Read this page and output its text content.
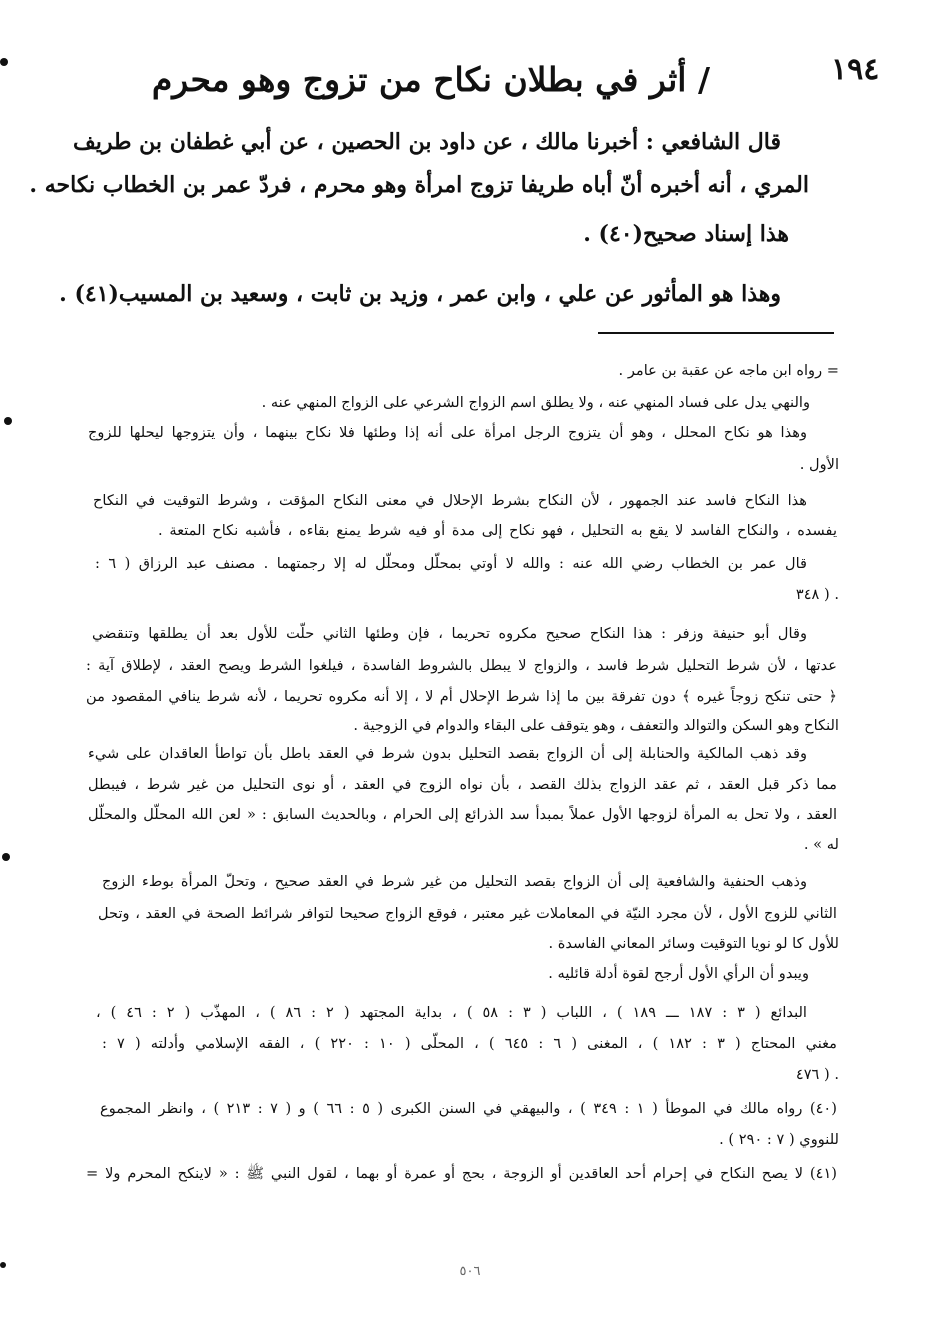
١٩٤
/ أثر في بطلان نكاح من تزوج وهو محرم
قال الشافعي : أخبرنا مالك ، عن داود بن الحصين ، عن أبي غطفان بن طريف
المري ، أنه أخبره أنّ أباه طريفا تزوج امرأة وهو محرم ، فردّ عمر بن الخطاب نكاحه .
هذا إسناد صحيح(٤٠) .
وهذا هو المأثور عن علي ، وابن عمر ، وزيد بن ثابت ، وسعيد بن المسيب(٤١) .
= رواه ابن ماجه عن عقبة بن عامر .
والنهي يدل على فساد المنهي عنه ، ولا يطلق اسم الزواج الشرعي على الزواج المنهي عنه .
وهذا هو نكاح المحلل ، وهو أن يتزوج الرجل امرأة على أنه إذا وطئها فلا نكاح بينهما ، وأن يتزوجها ليحلها للزوج
الأول .
هذا النكاح فاسد عند الجمهور ، لأن النكاح بشرط الإحلال في معنى النكاح المؤقت ، وشرط التوقيت في النكاح
يفسده ، والنكاح الفاسد لا يقع به التحليل ، فهو نكاح إلى مدة أو فيه شرط يمنع بقاءه ، فأشبه نكاح المتعة .
قال عمر بن الخطاب رضي الله عنه : والله لا أوتي بمحلّل ومحلّل له إلا رجمتهما . مصنف عبد الرزاق ( ٦ :
٣٤٨ ) .
وقال أبو حنيفة وزفر : هذا النكاح صحيح مكروه تحريما ، فإن وطئها الثاني حلّت للأول بعد أن يطلقها وتنقضي
عدتها ، لأن شرط التحليل شرط فاسد ، والزواج لا يبطل بالشروط الفاسدة ، فيلغوا الشرط ويصح العقد ، لإطلاق آية :
﴿ حتى تنكح زوجاً غيره ﴾ دون تفرقة بين ما إذا شرط الإحلال أم لا ، إلا أنه مكروه تحريما ، لأنه شرط ينافي المقصود من
النكاح وهو السكن والتوالد والتعفف ، وهو يتوقف على البقاء والدوام في الزوجية .
وقد ذهب المالكية والحنابلة إلى أن الزواج بقصد التحليل بدون شرط في العقد باطل بأن تواطأ العاقدان على شيء
مما ذكر قبل العقد ، ثم عقد الزواج بذلك القصد ، بأن نواه الزوج في العقد ، أو نوى التحليل من غير شرط ، فيبطل
العقد ، ولا تحل به المرأة لزوجها الأول عملاً بمبدأ سد الذرائع إلى الحرام ، وبالحديث السابق : « لعن الله المحلّل والمحلّل
له » .
وذهب الحنفية والشافعية إلى أن الزواج بقصد التحليل من غير شرط في العقد صحيح ، وتحلّ المرأة بوطء الزوج
الثاني للزوج الأول ، لأن مجرد النيّة في المعاملات غير معتبر ، فوقع الزواج صحيحا لتوافر شرائط الصحة في العقد ، وتحل
للأول كا لو نويا التوقيت وسائر المعاني الفاسدة .
ويبدو أن الرأي الأول أرجح لقوة أدلة قائليه .
البدائع ( ٣ : ١٨٧ ـــ ١٨٩ ) ، اللباب ( ٣ : ٥٨ ) ، بداية المجتهد ( ٢ : ٨٦ ) ، المهذّب ( ٢ : ٤٦ ) ،
مغني المحتاج ( ٣ : ١٨٢ ) ، المغنى ( ٦ : ٦٤٥ ) ، المحلّى ( ١٠ : ٢٢٠ ) ، الفقه الإسلامي وأدلته ( ٧ :
٤٧٦ ) .
(٤٠) رواه مالك في الموطأ ( ١ : ٣٤٩ ) ، والبيهقي في السنن الكبرى ( ٥ : ٦٦ ) و ( ٧ : ٢١٣ ) ، وانظر المجموع
للنووي ( ٧ : ٢٩٠ ) .
(٤١) لا يصح النكاح في إحرام أحد العاقدين أو الزوجة ، بحج أو عمرة أو بهما ، لقول النبي ﷺ : « لاينكح المحرم ولا =
٥٠٦
